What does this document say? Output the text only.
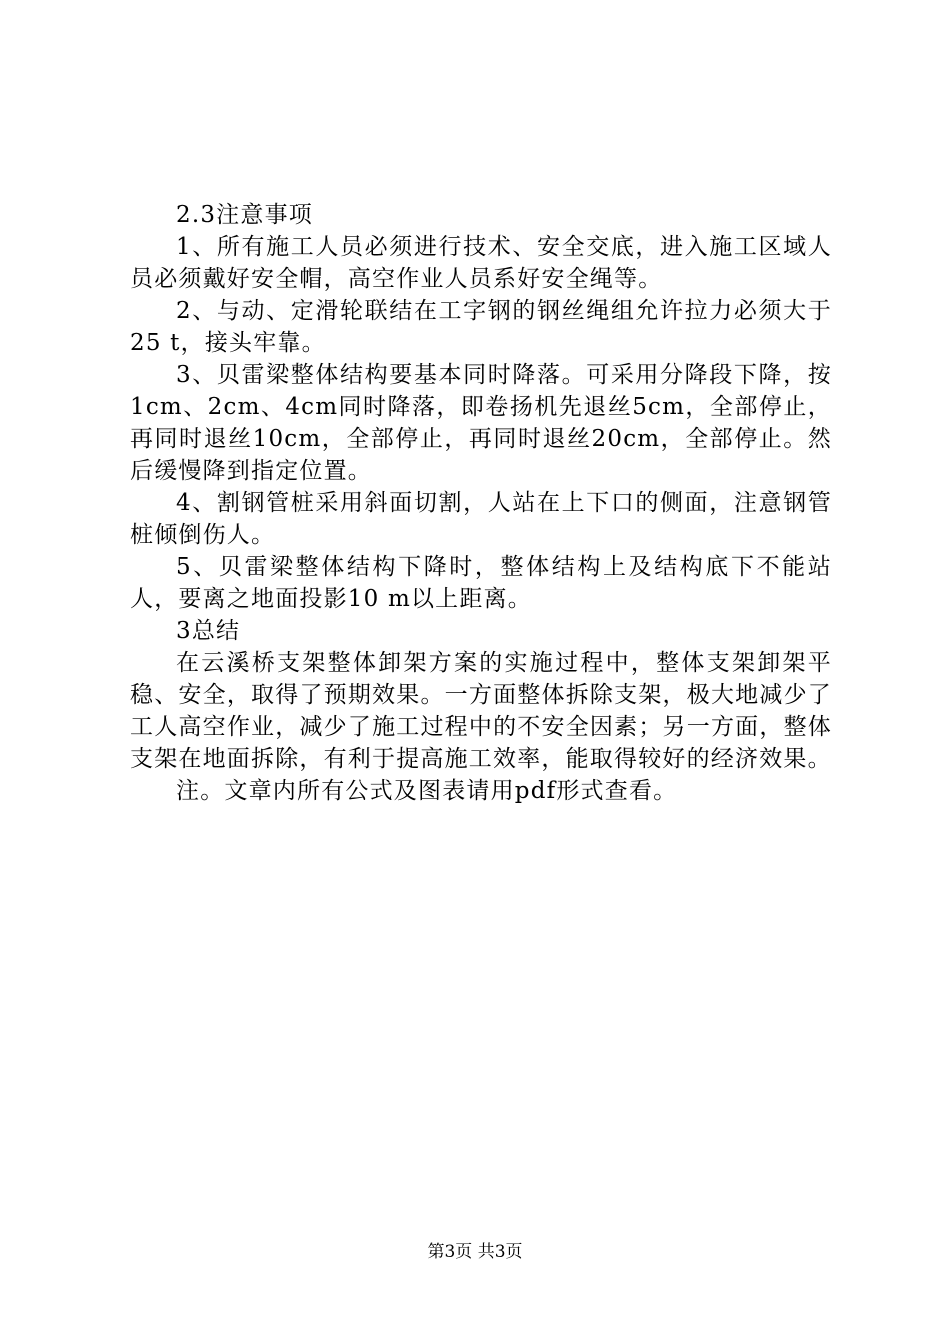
2.3注意事项

1、所有施工人员必须进行技术、安全交底，进入施工区域人员必须戴好安全帽，高空作业人员系好安全绳等。

2、与动、定滑轮联结在工字钢的钢丝绳组允许拉力必须大于25 t，接头牢靠。

3、贝雷梁整体结构要基本同时降落。可采用分降段下降，按1cm、2cm、4cm同时降落，即卷扬机先退丝5cm，全部停止，再同时退丝10cm，全部停止，再同时退丝20cm，全部停止。然后缓慢降到指定位置。

4、割钢管桩采用斜面切割，人站在上下口的侧面，注意钢管桩倾倒伤人。

5、贝雷梁整体结构下降时，整体结构上及结构底下不能站人，要离之地面投影10 m以上距离。

3总结

在云溪桥支架整体卸架方案的实施过程中，整体支架卸架平稳、安全，取得了预期效果。一方面整体拆除支架，极大地减少了工人高空作业，减少了施工过程中的不安全因素；另一方面，整体支架在地面拆除，有利于提高施工效率，能取得较好的经济效果。

注。文章内所有公式及图表请用pdf形式查看。

第3页 共3页
